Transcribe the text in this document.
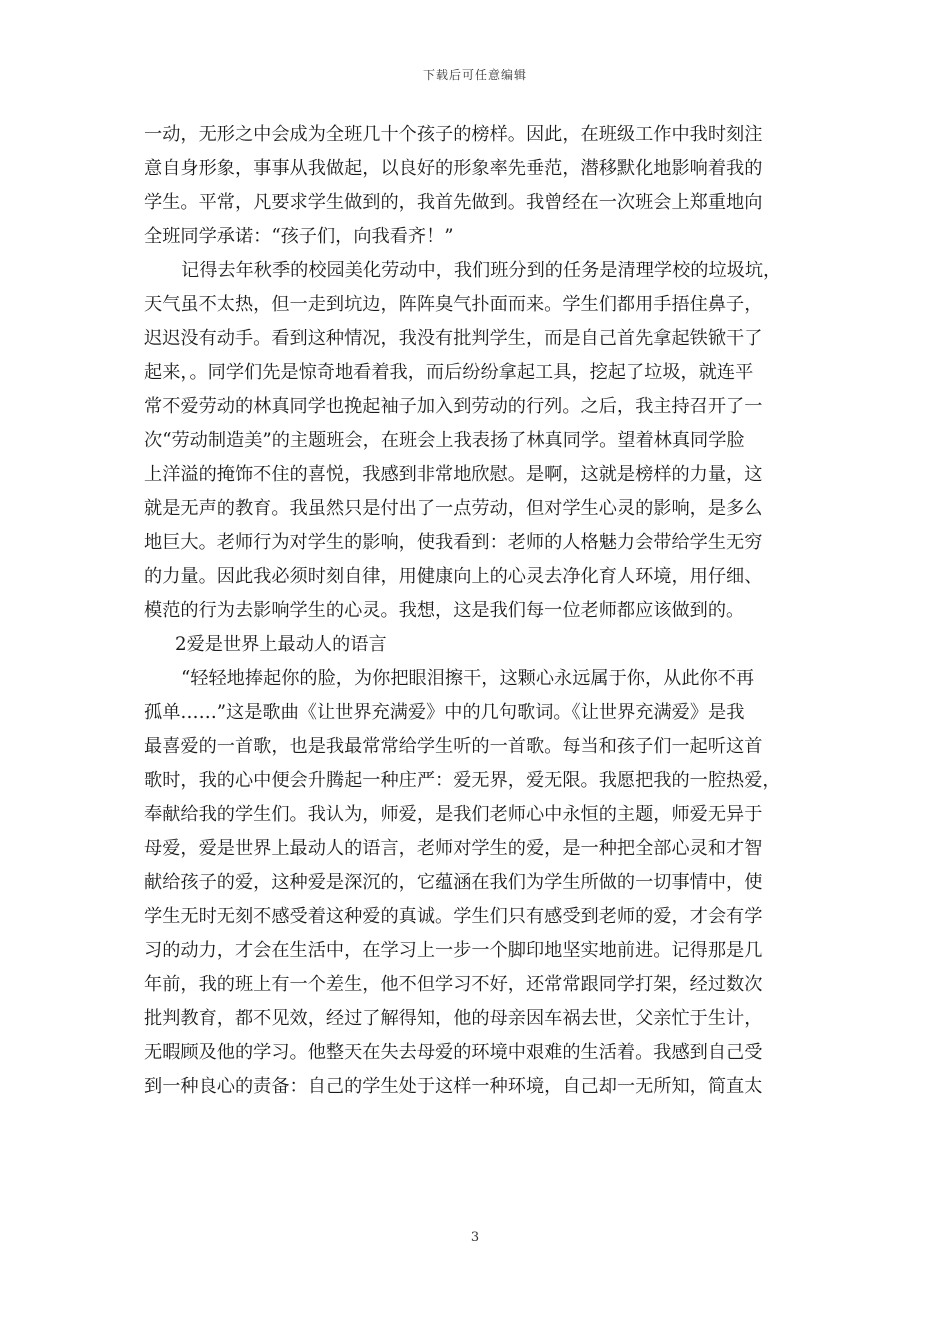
下载后可任意编辑
一动，无形之中会成为全班几十个孩子的榜样。因此，在班级工作中我时刻注
意自身形象，事事从我做起，以良好的形象率先垂范，潜移默化地影响着我的
学生。平常，凡要求学生做到的，我首先做到。我曾经在一次班会上郑重地向
全班同学承诺：“孩子们，向我看齐！”
记得去年秋季的校园美化劳动中，我们班分到的任务是清理学校的垃圾坑，
天气虽不太热，但一走到坑边，阵阵臭气扑面而来。学生们都用手捂住鼻子，
迟迟没有动手。看到这种情况，我没有批判学生，而是自己首先拿起铁锨干了
起来，。同学们先是惊奇地看着我，而后纷纷拿起工具，挖起了垃圾，就连平
常不爱劳动的林真同学也挽起袖子加入到劳动的行列。之后，我主持召开了一
次“劳动制造美”的主题班会，在班会上我表扬了林真同学。望着林真同学脸
上洋溢的掩饰不住的喜悦，我感到非常地欣慰。是啊，这就是榜样的力量，这
就是无声的教育。我虽然只是付出了一点劳动，但对学生心灵的影响，是多么
地巨大。老师行为对学生的影响，使我看到：老师的人格魅力会带给学生无穷
的力量。因此我必须时刻自律，用健康向上的心灵去净化育人环境，用仔细、
模范的行为去影响学生的心灵。我想，这是我们每一位老师都应该做到的。
2爱是世界上最动人的语言
“轻轻地捧起你的脸，为你把眼泪擦干，这颗心永远属于你，从此你不再
孤单……”这是歌曲《让世界充满爱》中的几句歌词。《让世界充满爱》是我
最喜爱的一首歌，也是我最常常给学生听的一首歌。每当和孩子们一起听这首
歌时，我的心中便会升腾起一种庄严：爱无界，爱无限。我愿把我的一腔热爱，
奉献给我的学生们。我认为，师爱，是我们老师心中永恒的主题，师爱无异于
母爱，爱是世界上最动人的语言，老师对学生的爱，是一种把全部心灵和才智
献给孩子的爱，这种爱是深沉的，它蕴涵在我们为学生所做的一切事情中，使
学生无时无刻不感受着这种爱的真诚。学生们只有感受到老师的爱，才会有学
习的动力，才会在生活中，在学习上一步一个脚印地坚实地前进。记得那是几
年前，我的班上有一个差生，他不但学习不好，还常常跟同学打架，经过数次
批判教育，都不见效，经过了解得知，他的母亲因车祸去世，父亲忙于生计，
无暇顾及他的学习。他整天在失去母爱的环境中艰难的生活着。我感到自己受
到一种良心的责备：自己的学生处于这样一种环境，自己却一无所知，简直太
3
